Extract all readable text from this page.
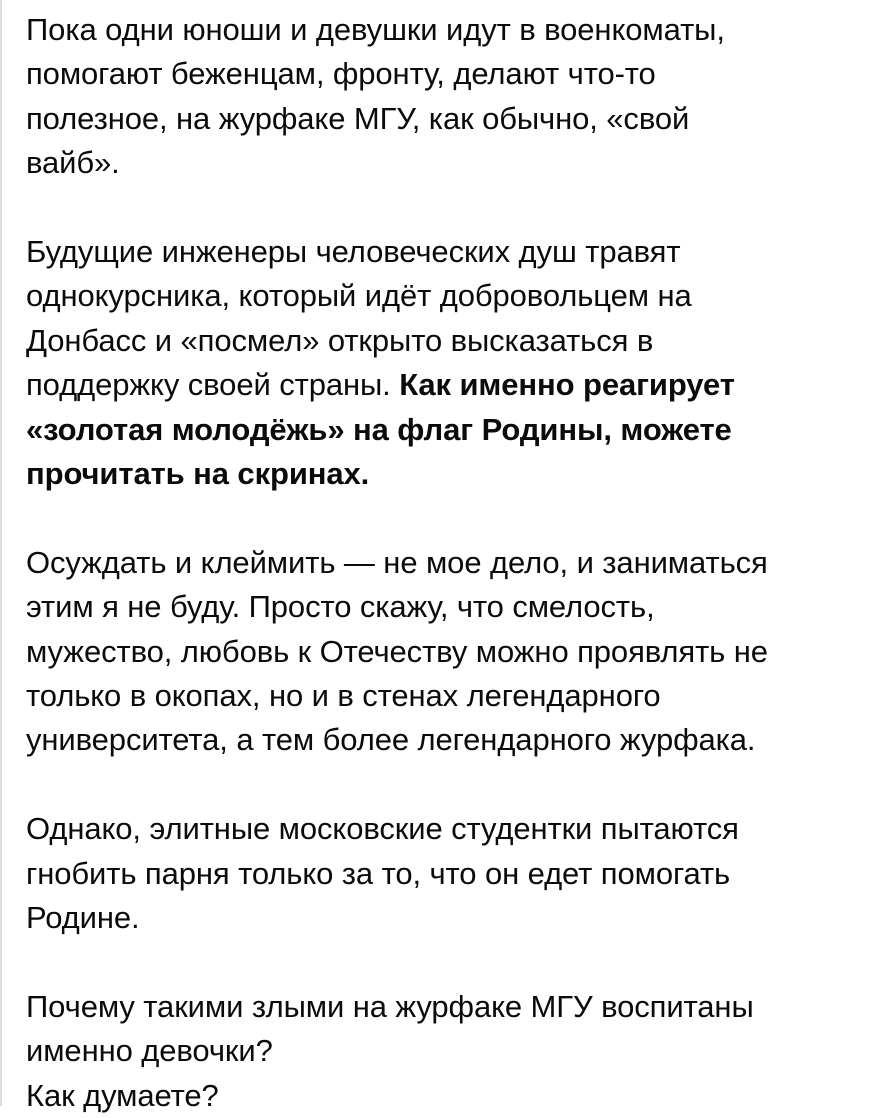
Пока одни юноши и девушки идут в военкоматы,
помогают беженцам, фронту, делают что-то
полезное, на журфаке МГУ, как обычно, «свой
вайб».

Будущие инженеры человеческих душ травят
однокурсника, который идёт добровольцем на
Донбасс и «посмел» открыто высказаться в
поддержку своей страны. Как именно реагирует
«золотая молодёжь» на флаг Родины, можете
прочитать на скринах.

Осуждать и клеймить — не мое дело, и заниматься
этим я не буду. Просто скажу, что смелость,
мужество, любовь к Отечеству можно проявлять не
только в окопах, но и в стенах легендарного
университета, а тем более легендарного журфака.

Однако, элитные московские студентки пытаются
гнобить парня только за то, что он едет помогать
Родине.

Почему такими злыми на журфаке МГУ воспитаны
именно девочки?
Как думаете?
